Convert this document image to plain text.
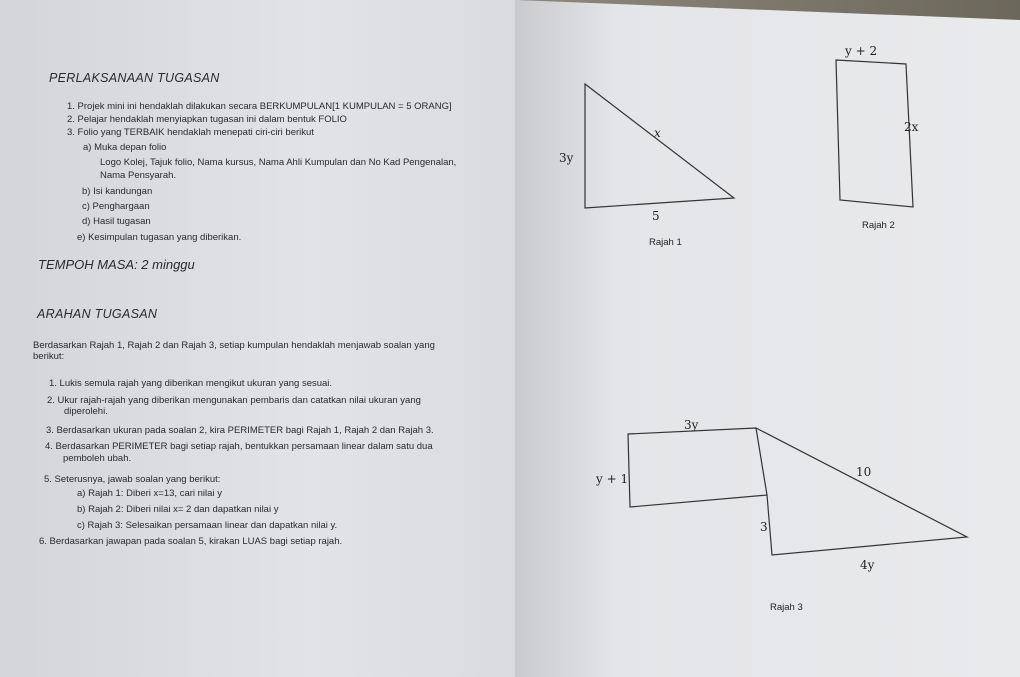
PERLAKSANAAN TUGASAN
1. Projek mini ini hendaklah dilakukan secara BERKUMPULAN[1 KUMPULAN = 5 ORANG]
2. Pelajar hendaklah menyiapkan tugasan ini dalam bentuk FOLIO
3. Folio yang TERBAIK hendaklah menepati ciri-ciri berikut
a) Muka depan folio
Logo Kolej, Tajuk folio, Nama kursus, Nama Ahli Kumpulan dan No Kad Pengenalan,
Nama Pensyarah.
b) Isi kandungan
c) Penghargaan
d) Hasil tugasan
e) Kesimpulan tugasan yang diberikan.
TEMPOH MASA: 2 minggu
ARAHAN TUGASAN
Berdasarkan Rajah 1, Rajah 2 dan Rajah 3, setiap kumpulan hendaklah menjawab soalan yang
berikut:
1. Lukis semula rajah yang diberikan mengikut ukuran yang sesuai.
2. Ukur rajah-rajah yang diberikan mengunakan pembaris dan catatkan nilai ukuran yang
diperolehi.
3. Berdasarkan ukuran pada soalan 2, kira PERIMETER bagi Rajah 1, Rajah 2 dan Rajah 3.
4. Berdasarkan PERIMETER bagi setiap rajah, bentukkan persamaan linear dalam satu dua
pemboleh ubah.
5. Seterusnya, jawab soalan yang berikut:
a) Rajah 1: Diberi x=13, cari nilai y
b) Rajah 2: Diberi nilai x= 2 dan dapatkan nilai y
c) Rajah 3: Selesaikan persamaan linear dan dapatkan nilai y.
6. Berdasarkan jawapan pada soalan 5, kirakan LUAS bagi setiap rajah.
3y
x
5
Rajah 1
y + 2
2x
Rajah 2
3y
y + 1	10
3
4y
Rajah 3
